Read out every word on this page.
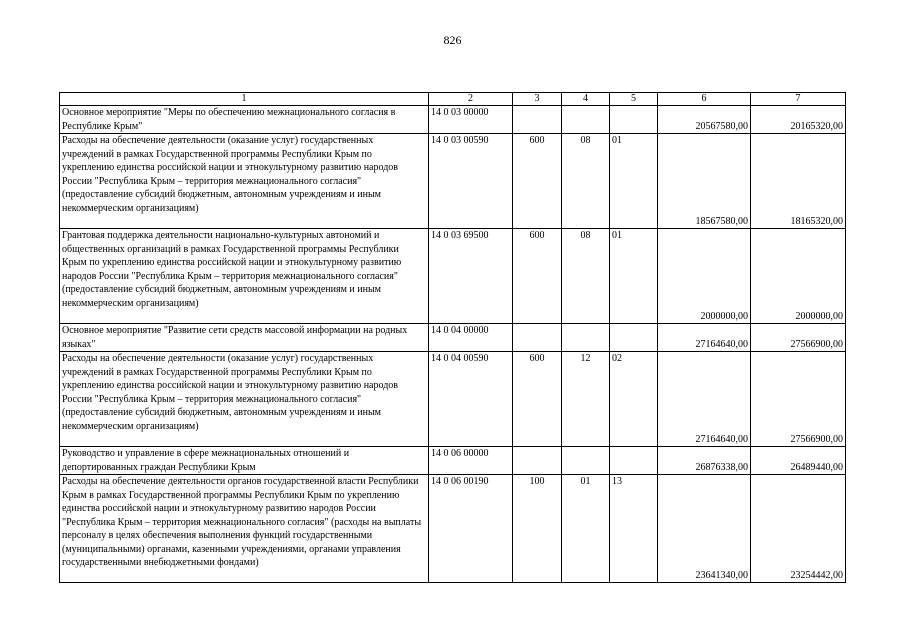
826
1	2	3	4	5	6	7
Основное мероприятие "Меры по обеспечению межнационального согласия в Республике Крым"	14 0 03 00000				20567580,00	20165320,00
Расходы на обеспечение деятельности (оказание услуг) государственных учреждений в рамках Государственной программы Республики Крым по укреплению единства российской нации и этнокультурному развитию народов России "Республика Крым – территория межнационального согласия" (предоставление субсидий бюджетным, автономным учреждениям и иным некоммерческим организациям)	14 0 03 00590	600	08	01	18567580,00	18165320,00
Грантовая поддержка деятельности национально-культурных автономий и общественных организаций в рамках Государственной программы Республики Крым по укреплению единства российской нации и этнокультурному развитию народов России "Республика Крым – территория межнационального согласия" (предоставление субсидий бюджетным, автономным учреждениям и иным некоммерческим организациям)	14 0 03 69500	600	08	01	2000000,00	2000000,00
Основное мероприятие "Развитие сети средств массовой информации на родных языках"	14 0 04 00000				27164640,00	27566900,00
Расходы на обеспечение деятельности (оказание услуг) государственных учреждений в рамках Государственной программы Республики Крым по укреплению единства российской нации и этнокультурному развитию народов России "Республика Крым – территория межнационального согласия" (предоставление субсидий бюджетным, автономным учреждениям и иным некоммерческим организациям)	14 0 04 00590	600	12	02	27164640,00	27566900,00
Руководство и управление в сфере межнациональных отношений и депортированных граждан Республики Крым	14 0 06 00000				26876338,00	26489440,00
Расходы на обеспечение деятельности органов государственной власти Республики Крым в рамках Государственной программы Республики Крым по укреплению единства российской нации и этнокультурному развитию народов России "Республика Крым – территория межнационального согласия" (расходы на выплаты персоналу в целях обеспечения выполнения функций государственными (муниципальными) органами, казенными учреждениями, органами управления государственными внебюджетными фондами)	14 0 06 00190	100	01	13	23641340,00	23254442,00
